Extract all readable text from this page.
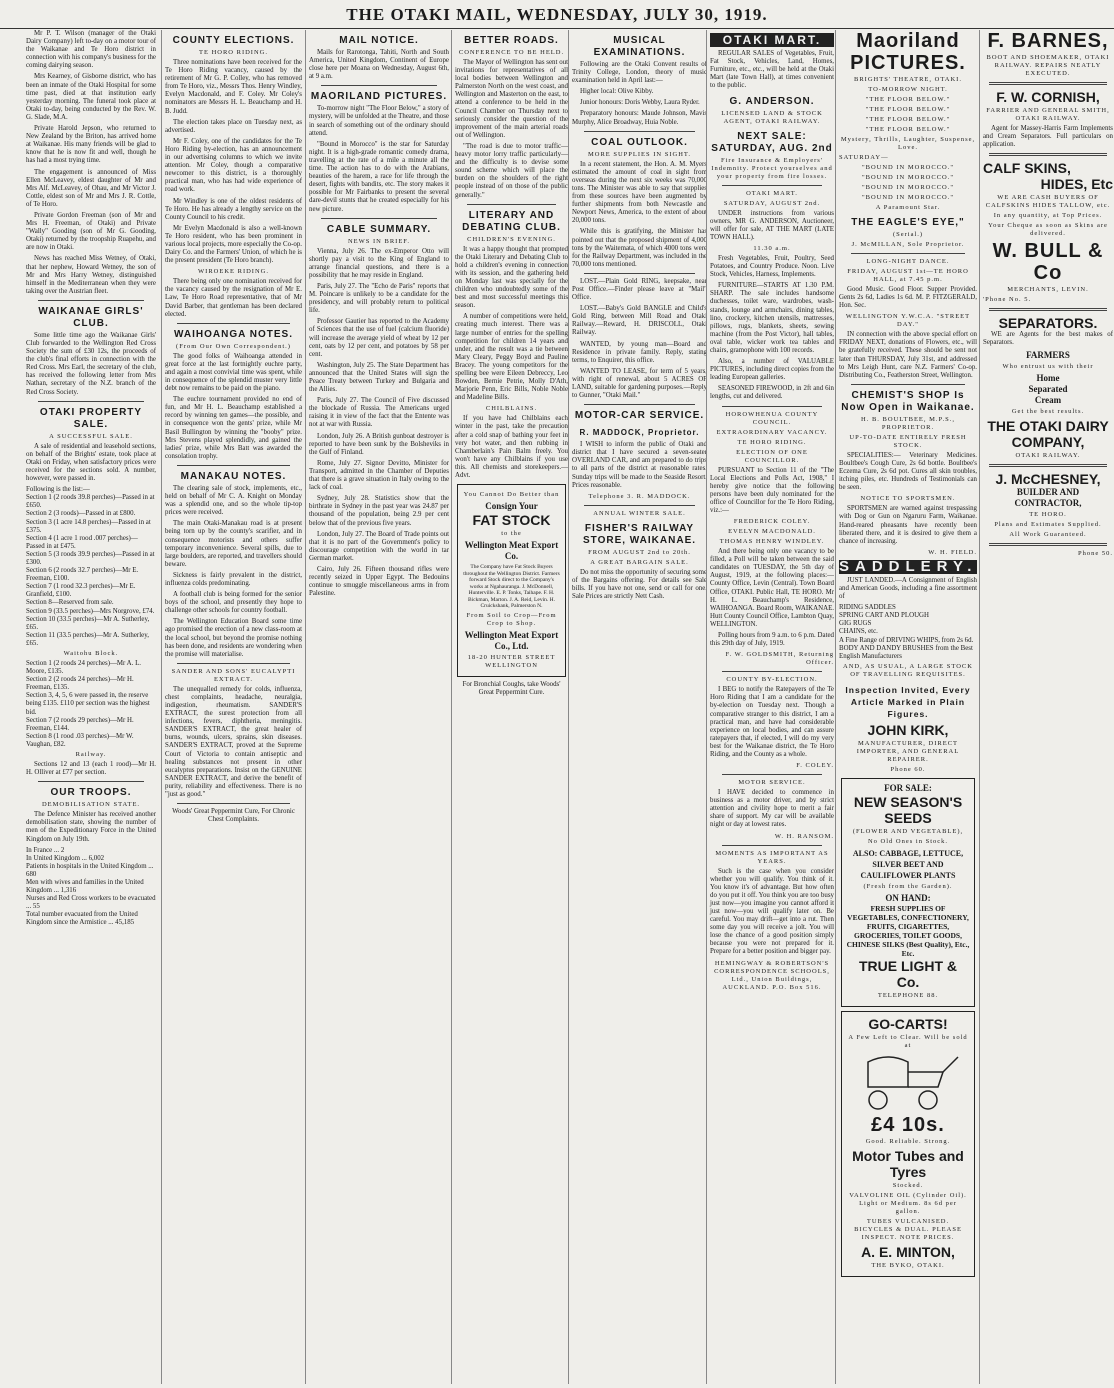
THE OTAKI MAIL, WEDNESDAY, JULY 30, 1919.

Mr P. T. Wilson (manager of the Otaki Dairy Company) left to-day on a motor tour of the Waikanae and Te Horo district in connection with his company's business for the coming dairying season.

Mrs Kearney, of Gisborne district, who has been an inmate of the Otaki Hospital for some time past, died at that institution early yesterday morning. The funeral took place at Otaki to-day, being conducted by the Rev. W. G. Slade, M.A.

Private Harold Jepson, who returned to New Zealand by the Briton, has arrived home at Waikanae. His many friends will be glad to know that he is now fit and well, though he has had a most trying time.

The engagement is announced of Miss Ellen McLeavey, eldest daughter of Mr and Mrs Alf. McLeavey, of Ohau, and Mr Victor J. Cottle, eldest son of Mr and Mrs J. R. Cottle, of Te Horo.

Private Gordon Freeman (son of Mr and Mrs H. Freeman, of Otaki) and Private "Wally" Gooding (son of Mr G. Gooding, Otaki) returned by the troopship Ruapehu, and are now in Otaki.

News has reached Miss Wetney, of Otaki, that her nephew, Howard Wetney, the son of Mr and Mrs Harry Wetney, distinguished himself in the Mediterranean when they were taking over the Austrian fleet.

WAIKANAE GIRLS' CLUB.

Some little time ago the Waikanae Girls' Club forwarded to the Wellington Red Cross Society the sum of £30 12s, the proceeds of the club's final efforts in connection with the Red Cross. Mrs Earl, the secretary of the club, has received the following letter from Mrs Nathan, secretary of the N.Z. branch of the Red Cross Society.

OTAKI PROPERTY SALE.
A SUCCESSFUL SALE.

A sale of residential and leasehold sections, on behalf of the Brights' estate, took place at Otaki on Friday, when satisfactory prices were received for the sections sold. A number, however, were passed in.

Following is the list:—
Section 1 (2 roods 39.8 perches)—Passed in at £650.
Section 2 (3 roods)—Passed in at £800.
Section 3 (1 acre 14.8 perches)—Passed in at £375.
Section 4 (1 acre 1 rood .007 perches)—Passed in at £475.
Section 5 (3 roods 39.9 perches)—Passed in at £300.
Section 6 (2 roods 32.7 perches)—Mr E. Freeman, £100.
Section 7 (1 rood 32.3 perches)—Mr E. Granfield, £100.
Section 8—Reserved from sale.
Section 9 (33.5 perches)—Mrs Norgrove, £74.
Section 10 (33.5 perches)—Mr A. Sutherley, £65.
Section 11 (33.5 perches)—Mr A. Sutherley, £65.
Waitohu Block.
Section 1 (2 roods 24 perches)—Mr A. L. Moore, £135.
Section 2 (2 roods 24 perches)—Mr H. Freeman, £135.
Section 3, 4, 5, 6 were passed in, the reserve being £135. £110 per section was the highest bid.
Section 7 (2 roods 29 perches)—Mr H. Freeman, £144.
Section 8 (1 rood .03 perches)—Mr W. Vaughan, £82.
Railway.

Sections 12 and 13 (each 1 rood)—Mr H. H. Olliver at £77 per section.

OUR TROOPS.
DEMOBILISATION STATE.

The Defence Minister has received another demobilisation state, showing the number of men of the Expeditionary Force in the United Kingdom on July 19th.

In France ... 2
In United Kingdom ... 6,002
Patients in hospitals in the United Kingdom ... 680
Men with wives and families in the United Kingdom ... 1,316
Nurses and Red Cross workers to be evacuated ... 55
Total number evacuated from the United Kingdom since the Armistice ... 45,185
COUNTY ELECTIONS.
TE HORO RIDING.

Three nominations have been received for the Te Horo Riding vacancy, caused by the retirement of Mr G. P. Colley, who has removed from Te Horo, viz., Messrs Thos. Henry Windley, Evelyn Macdonald, and F. Coley. Mr Coley's nominators are Messrs H. L. Beauchamp and H. B. Judd.

The election takes place on Tuesday next, as advertised.

Mr F. Coley, one of the candidates for the Te Horo Riding by-election, has an announcement in our advertising columns to which we invite attention. Mr Coley, though a comparative newcomer to this district, is a thoroughly practical man, who has had wide experience of road work.

Mr Windley is one of the oldest residents of Te Horo. He has already a lengthy service on the County Council to his credit.

Mr Evelyn Macdonald is also a well-known Te Horo resident, who has been prominent in various local projects, more especially the Co-op. Dairy Co. and the Farmers' Union, of which he is the present president (Te Horo branch).

WIROEKE RIDING.

There being only one nomination received for the vacancy caused by the resignation of Mr E. Law, Te Horo Road representative, that of Mr David Barber, that gentleman has been declared elected.

WAIHOANGA NOTES.
(From Our Own Correspondent.)

The good folks of Waihoanga attended in great force at the last fortnightly euchre party, and again a most convivial time was spent, while in consequence of the splendid muster very little debt now remains to be paid on the piano.

The euchre tournament provided no end of fun, and Mr H. L. Beauchamp established a record by winning ten games—the possible, and in consequence won the gents' prize, while Mr Basil Bullington by winning the "booby" prize. Mrs Stevens played splendidly, and gained the ladies' prize, while Mrs Batt was awarded the consolation trophy.

MANAKAU NOTES.

The clearing sale of stock, implements, etc., held on behalf of Mr C. A. Knight on Monday was a splendid one, and so the whole tip-top prices were received.

The main Otaki-Manakau road is at present being torn up by the county's scarifier, and in consequence motorists and others suffer temporary inconvenience. Several spills, due to large boulders, are reported, and travellers should beware.

Sickness is fairly prevalent in the district, influenza colds predominating.

A football club is being formed for the senior boys of the school, and presently they hope to challenge other schools for country football.

The Wellington Education Board some time ago promised the erection of a new class-room at the local school, but beyond the promise nothing has been done, and residents are wondering when the promise will materialise.

SANDER AND SONS' EUCALYPTI EXTRACT.

The unequalled remedy for colds, influenza, chest complaints, headache, neuralgia, indigestion, rheumatism. SANDER'S EXTRACT, the surest protection from all infections, fevers, diphtheria, meningitis. SANDER'S EXTRACT, the great healer of burns, wounds, ulcers, sprains, skin diseases. SANDER'S EXTRACT, proved at the Supreme Court of Victoria to contain antiseptic and healing substances not present in other eucalyptus preparations. Insist on the GENUINE SANDER EXTRACT, and derive the benefit of purity, reliability and effectiveness. There is no "just as good."

Woods' Great Peppermint Cure, For Chronic Chest Complaints.
MAIL NOTICE.

Mails for Rarotonga, Tahiti, North and South America, United Kingdom, Continent of Europe close here per Moana on Wednesday, August 6th, at 9 a.m.

MAORILAND PICTURES.

To-morrow night "The Floor Below," a story of mystery, will be unfolded at the Theatre, and those in search of something out of the ordinary should attend.

"Bound in Morocco" is the star for Saturday night. It is a high-grade romantic comedy drama, travelling at the rate of a mile a minute all the time. The action has to do with the Arabians, beauties of the harem, a race for life through the desert, fights with bandits, etc. The story makes it possible for Mr Fairbanks to present the several dare-devil stunts that he created especially for his new picture.

CABLE SUMMARY.
NEWS IN BRIEF.

Vienna, July 26. The ex-Emperor Otto will shortly pay a visit to the King of England to arrange financial questions, and there is a possibility that he may reside in England.

Paris, July 27. The "Echo de Paris" reports that M. Poincare is unlikely to be a candidate for the presidency, and will probably return to political life.

Professor Gautier has reported to the Academy of Sciences that the use of fuel (calcium fluoride) will increase the average yield of wheat by 12 per cent, oats by 12 per cent, and potatoes by 58 per cent.

Washington, July 25. The State Department has announced that the United States will sign the Peace Treaty between Turkey and Bulgaria and the Allies.

Paris, July 27. The Council of Five discussed the blockade of Russia. The Americans urged raising it in view of the fact that the Entente was not at war with Russia.

London, July 26. A British gunboat destroyer is reported to have been sunk by the Bolsheviks in the Gulf of Finland.

Rome, July 27. Signor Devitto, Minister for Transport, admitted in the Chamber of Deputies that there is a grave situation in Italy owing to the lack of coal.

Sydney, July 28. Statistics show that the birthrate in Sydney in the past year was 24.87 per thousand of the population, being 2.9 per cent below that of the previous five years.

London, July 27. The Board of Trade points out that it is no part of the Government's policy to discourage competition with the world in tar German market.

Cairo, July 26. Fifteen thousand rifles were recently seized in Upper Egypt. The Bedouins continue to smuggle miscellaneous arms in from Palestine.

BETTER ROADS.
CONFERENCE TO BE HELD.

The Mayor of Wellington has sent out invitations for representatives of all local bodies between Wellington and Palmerston North on the west coast, and Wellington and Masterton on the east, to attend a conference to be held in the Council Chamber on Thursday next to seriously consider the question of the improvement of the main arterial roads out of Wellington.

"The road is due to motor traffic—heavy motor lorry traffic particularly—and the difficulty is to devise some sound scheme which will place the burden on the shoulders of the right people instead of on those of the public generally."

LITERARY AND DEBATING CLUB.
CHILDREN'S EVENING.

It was a happy thought that prompted the Otaki Literary and Debating Club to hold a children's evening in connection with its session, and the gathering held on Monday last was specially for the children who undoubtedly some of the best and most successful meetings this season.

A number of competitions were held, creating much interest. There was a large number of entries for the spelling competition for children 14 years and under, and the result was a tie between Mary Cleary, Peggy Boyd and Pauline Bracey. The young competitors for the spelling bee were Eileen Debreccy, Leo Bowden, Bernie Petrie, Molly D'Ath, Marjorie Penn, Eric Bills, Noble Noble and Madeline Bills.

CHILBLAINS.

If you have had Chilblains each winter in the past, take the precaution after a cold snap of bathing your feet in very hot water, and then rubbing in Chamberlain's Pain Balm freely. You won't have any Chilblains if you use this. All chemists and storekeepers.—Advt.

You Cannot Do Better than
Consign Your
FAT STOCK
to the
Wellington Meat Export Co.
The Company have Fat Stock Buyers throughout the Wellington District. Farmers forward Stock direct to the Company's works at Ngahauranga. J. McDonnell, Hunterville. E. P. Tonks, Taihape. F. H. Bickman, Marton. J. A. Reid, Levin. H. Cruickshank, Palmerston N.
From Soil to Crop—From Crop to Shop.
Wellington Meat Export Co., Ltd.
18-20 HUNTER STREET WELLINGTON
For Bronchial Coughs, take Woods' Great Peppermint Cure.
MUSICAL EXAMINATIONS.

Following are the Otaki Convent results of Trinity College, London, theory of music examination held in April last:—

Higher local: Olive Kibby.

Junior honours: Doris Webby, Laura Ryder.

Preparatory honours: Maude Johnson, Mavis Murphy, Alice Broadway, Huia Noble.

COAL OUTLOOK.
MORE SUPPLIES IN SIGHT.

In a recent statement, the Hon. A. M. Myers estimated the amount of coal in sight from overseas during the next six weeks was 70,000 tons. The Minister was able to say that supplies from these sources have been augmented by further shipments from both Newcastle and Newport News, America, to the extent of about 20,000 tons.

While this is gratifying, the Minister has pointed out that the proposed shipment of 4,000 tons by the Waitemata, of which 4000 tons were for the Railway Department, was included in the 70,000 tons mentioned.

LOST.—Plain Gold RING, keepsake, near Post Office.—Finder please leave at "Mail" Office.

LOST.—Baby's Gold BANGLE and Child's Gold Ring, between Mill Road and Otaki Railway.—Reward, H. DRISCOLL, Otaki Railway.

WANTED, by young man—Board and Residence in private family. Reply, stating terms, to Enquirer, this office.

WANTED TO LEASE, for term of 5 years, with right of renewal, about 5 ACRES OF LAND, suitable for gardening purposes.—Reply to Gunner, "Otaki Mail."

MOTOR-CAR SERVICE.
R. MADDOCK, Proprietor.

I WISH to inform the public of Otaki and district that I have secured a seven-seater OVERLAND CAR, and am prepared to do trips to all parts of the district at reasonable rates. Sunday trips will be made to the Seaside Resort. Prices reasonable.

Telephone 3. R. MADDOCK.
ANNUAL WINTER SALE.
FISHER'S RAILWAY STORE, WAIKANAE.
FROM AUGUST 2nd to 20th.
A GREAT BARGAIN SALE.

Do not miss the opportunity of securing some of the Bargains offering. For details see Sale bills. If you have not one, send or call for one. Sale Prices are strictly Nett Cash.

OTAKI MART.

REGULAR SALES of Vegetables, Fruit, Fat Stock, Vehicles, Land, Homes, Furniture, etc., etc., will be held at the Otaki Mart (late Town Hall), at times convenient to the public.

G. ANDERSON.
LICENSED LAND & STOCK AGENT, OTAKI RAILWAY.
NEXT SALE: SATURDAY, AUG. 2nd
Fire Insurance & Employers' Indemnity. Protect yourselves and your property from fire losses.
OTAKI MART.
SATURDAY, AUGUST 2nd.

UNDER instructions from various owners, MR G. ANDERSON, Auctioneer, will offer for sale, AT THE MART (LATE TOWN HALL).

11.30 a.m.

Fresh Vegetables, Fruit, Poultry, Seed Potatoes, and Country Produce. Noon. Live Stock, Vehicles, Harness, Implements.

FURNITURE—STARTS AT 1.30 P.M. SHARP. The sale includes handsome duchesses, toilet ware, wardrobes, wash-stands, lounge and armchairs, dining tables, lino, crockery, kitchen utensils, mattresses, pillows, rugs, blankets, sheets, sewing machine (from the Post Victor), hall tables, oval table, wicker work tea tables and chairs, gramophone with 100 records.

Also, a number of VALUABLE PICTURES, including direct copies from the leading European galleries.

SEASONED FIREWOOD, in 2ft and 6in lengths, cut and delivered.

HOROWHENUA COUNTY COUNCIL.
EXTRAORDINARY VACANCY.
TE HORO RIDING.
ELECTION OF ONE COUNCILLOR.

PURSUANT to Section 11 of the "The Local Elections and Polls Act, 1908," I hereby give notice that the following persons have been duly nominated for the office of Councillor for the Te Horo Riding, viz.:—

FREDERICK COLEY.
EVELYN MACDONALD.
THOMAS HENRY WINDLEY.

And there being only one vacancy to be filled, a Poll will be taken between the said candidates on TUESDAY, the 5th day of August, 1919, at the following places:— County Office, Levin (Central). Town Board Office, OTAKI. Public Hall, TE HORO. Mr H. L. Beauchamp's Residence, WAIHOANGA. Board Room, WAIKANAE. Hutt County Council Office, Lambton Quay, WELLINGTON.

Polling hours from 9 a.m. to 6 p.m. Dated this 29th day of July, 1919.

F. W. GOLDSMITH, Returning Officer.
COUNTY BY-ELECTION.

I BEG to notify the Ratepayers of the Te Horo Riding that I am a candidate for the by-election on Tuesday next. Though a comparative stranger to this district, I am a practical man, and have had considerable experience on local bodies, and can assure ratepayers that, if elected, I will do my very best for the Waikanae district, the Te Horo Riding, and the County as a whole.

F. COLEY.
MOTOR SERVICE.

I HAVE decided to commence in business as a motor driver, and by strict attention and civility hope to merit a fair share of support. My car will be available night or day at lowest rates.

W. H. RANSOM.
MOMENTS AS IMPORTANT AS YEARS.

Such is the case when you consider whether you will qualify. You think of it. You know it's of advantage. But how often do you put it off. You think you are too busy just now—you imagine you cannot afford it just now—you will qualify later on. Be careful. You may drift—get into a rut. Then some day you will receive a jolt. You will lose the chance of a good position simply because you were not prepared for it. Prepare for a better position and bigger pay.

HEMINGWAY & ROBERTSON'S CORRESPONDENCE SCHOOLS, Ltd., Union Buildings, AUCKLAND. P.O. Box 516.
Maoriland PICTURES.
BRIGHTS' THEATRE, OTAKI.
TO-MORROW NIGHT.
"THE FLOOR BELOW."
"THE FLOOR BELOW."
"THE FLOOR BELOW."
"THE FLOOR BELOW."
Mystery, Thrills, Laughter, Suspense, Love.
SATURDAY—
"BOUND IN MOROCCO."
"BOUND IN MOROCCO."
"BOUND IN MOROCCO."
"BOUND IN MOROCCO."
A Paramount Star.
THE EAGLE'S EYE,"
(Serial.)
J. McMILLAN, Sole Proprietor.
LONG-NIGHT DANCE.
FRIDAY, AUGUST 1st—TE HORO HALL, at 7.45 p.m.

Good Music. Good Floor. Supper Provided. Gents 2s 6d, Ladies 1s 6d. M. P. FITZGERALD, Hon. Sec.

WELLINGTON Y.W.C.A. "STREET DAY."

IN connection with the above special effort on FRIDAY NEXT, donations of Flowers, etc., will be gratefully received. These should be sent not later than THURSDAY, July 31st, and addressed to Mrs Leigh Hunt, care N.Z. Farmers' Co-op. Distributing Co., Featherston Street, Wellington.

CHEMIST'S SHOP Is Now Open in Waikanae.
H. B. BOULTBEE, M.P.S., PROPRIETOR.
UP-TO-DATE ENTIRELY FRESH STOCK.

SPECIALITIES:— Veterinary Medicines. Boultbee's Cough Cure, 2s 6d bottle. Boultbee's Eczema Cure, 2s 6d pot. Cures all skin troubles, itching piles, etc. Hundreds of Testimonials can be seen.

NOTICE TO SPORTSMEN.

SPORTSMEN are warned against trespassing with Dog or Gun on Ngaruru Farm, Waikanae. Hand-reared pheasants have recently been liberated there, and it is desired to give them a chance of increasing.

W. H. FIELD.
SADDLERY.

JUST LANDED.—A Consignment of English and American Goods, including a fine assortment of

RIDING SADDLES
SPRING CART AND PLOUGH
GIG RUGS
CHAINS, etc.
A Fine Range of DRIVING WHIPS, from 2s 6d.
BODY AND DANDY BRUSHES from the Best English Manufacturers
AND, AS USUAL, A LARGE STOCK OF TRAVELLING REQUISITES.
Inspection Invited, Every Article Marked in Plain Figures.
JOHN KIRK,
MANUFACTURER, DIRECT IMPORTER, AND GENERAL REPAIRER.
Phone 60.
FOR SALE:
NEW SEASON'S SEEDS
(FLOWER AND VEGETABLE),
No Old Ones in Stock.
ALSO: CABBAGE, LETTUCE, SILVER BEET AND CAULIFLOWER PLANTS
(Fresh from the Garden).
ON HAND:
FRESH SUPPLIES OF VEGETABLES, CONFECTIONERY, FRUITS, CIGARETTES, GROCERIES, TOILET GOODS, CHINESE SILKS (Best Quality), Etc., Etc.
TRUE LIGHT & Co.
TELEPHONE 88.
GO-CARTS!
A Few Left to Clear. Will be sold at
£4 10s.
Good. Reliable. Strong.
Motor Tubes and Tyres
Stocked.
VALVOLINE OIL (Cylinder Oil). Light or Medium. 8s 6d per gallon.
TUBES VULCANISED. BICYCLES & DUAL. PLEASE INSPECT. NOTE PRICES.
A. E. MINTON,
THE BYKO, OTAKI.
F. BARNES,
BOOT AND SHOEMAKER, OTAKI RAILWAY. REPAIRS NEATLY EXECUTED.
F. W. CORNISH,
FARRIER AND GENERAL SMITH, OTAKI RAILWAY.

Agent for Massey-Harris Farm Implements and Cream Separators. Full particulars on application.

CALF SKINS,
HIDES, Etc
WE ARE CASH BUYERS OF CALFSKINS HIDES TALLOW, etc.
In any quantity, at Top Prices.
Your Cheque as soon as Skins are delivered.
W. BULL & Co
MERCHANTS, LEVIN.
'Phone No. 5.
SEPARATORS.

WE are Agents for the best makes of Separators.

FARMERS
Who entrust us with their
Home
Separated
Cream
Get the best results.
THE OTAKI DAIRY COMPANY,
OTAKI RAILWAY.
J. McCHESNEY,
BUILDER AND CONTRACTOR,
TE HORO.
Plans and Estimates Supplied.
All Work Guaranteed.
Phone 50.
